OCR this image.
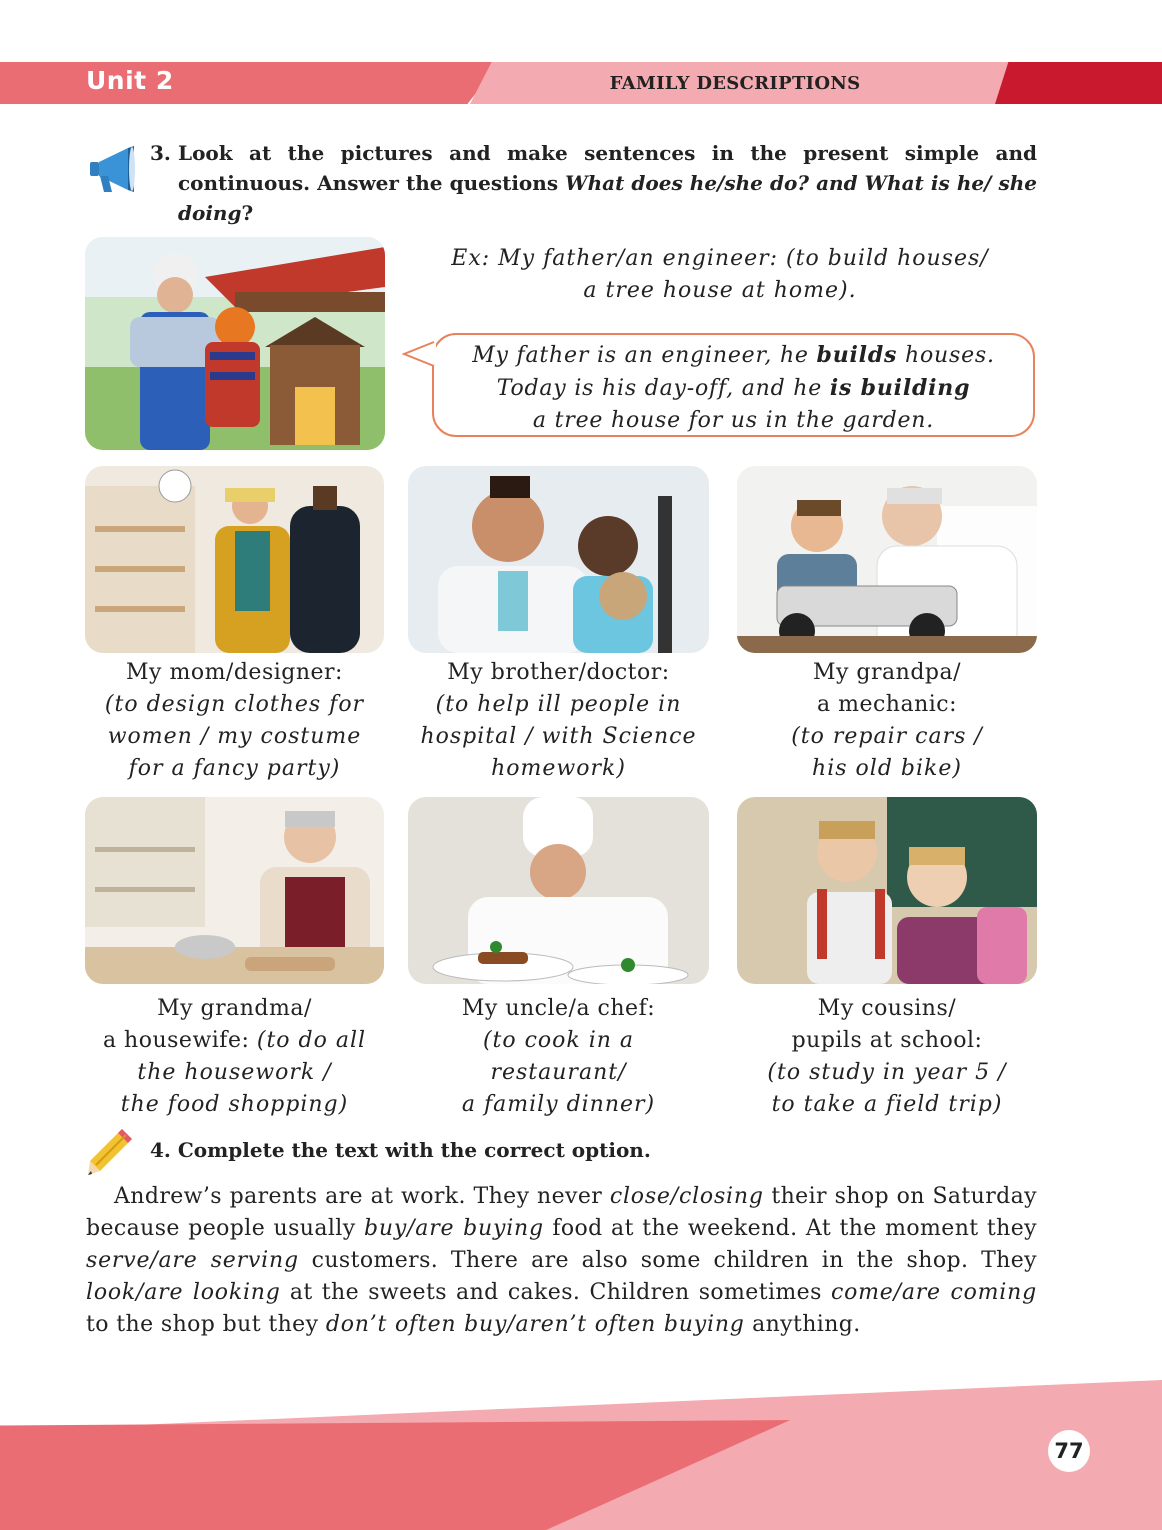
Unit 2	FAMILY DESCRIPTIONS
3. Look at the pictures and make sentences in the present simple and continuous. Answer the questions What does he/she do? and What is he/ she doing?
Ex: My father/an engineer: (to build houses/
a tree house at home).
My father is an engineer, he builds houses.
Today is his day-off, and he is building
a tree house for us in the garden.
My mom/designer:
(to design clothes for
women / my costume
for a fancy party)
My brother/doctor:
(to help ill people in
hospital / with Science
homework)
My grandpa/
a mechanic:
(to repair cars /
his old bike)
My grandma/
a housewife: (to do all
the housework /
the food shopping)
My uncle/a chef:
(to cook in a
restaurant/
a family dinner)
My cousins/
pupils at school:
(to study in year 5 /
to take a field trip)
4. Complete the text with the correct option.
Andrew’s parents are at work. They never close/closing their shop on Saturday because people usually buy/are buying food at the weekend. At the moment they serve/are serving customers. There are also some children in the shop. They look/are looking at the sweets and cakes. Children sometimes come/are coming to the shop but they don’t often buy/aren’t often buying anything.
77
